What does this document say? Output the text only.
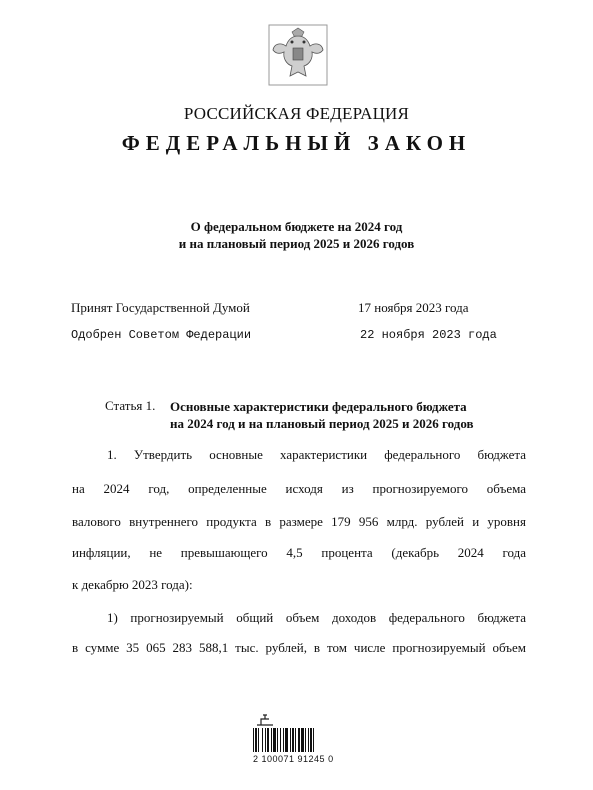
РОССИЙСКАЯ ФЕДЕРАЦИЯ
ФЕДЕРАЛЬНЫЙ ЗАКОН
О федеральном бюджете на 2024 год
и на плановый период 2025 и 2026 годов
Принят Государственной Думой	17 ноября 2023 года
Одобрен Советом Федерации	22 ноября 2023 года
Статья 1. Основные характеристики федерального бюджета
на 2024 год и на плановый период 2025 и 2026 годов
1. Утвердить основные характеристики федерального бюджета
на 2024 год, определенные исходя из прогнозируемого объема
валового внутреннего продукта в размере 179 956 млрд. рублей и уровня
инфляции, не превышающего 4,5 процента (декабрь 2024 года
к декабрю 2023 года):
1) прогнозируемый общий объем доходов федерального бюджета
в сумме 35 065 283 588,1 тыс. рублей, в том числе прогнозируемый объем
2 100071 91245 0
